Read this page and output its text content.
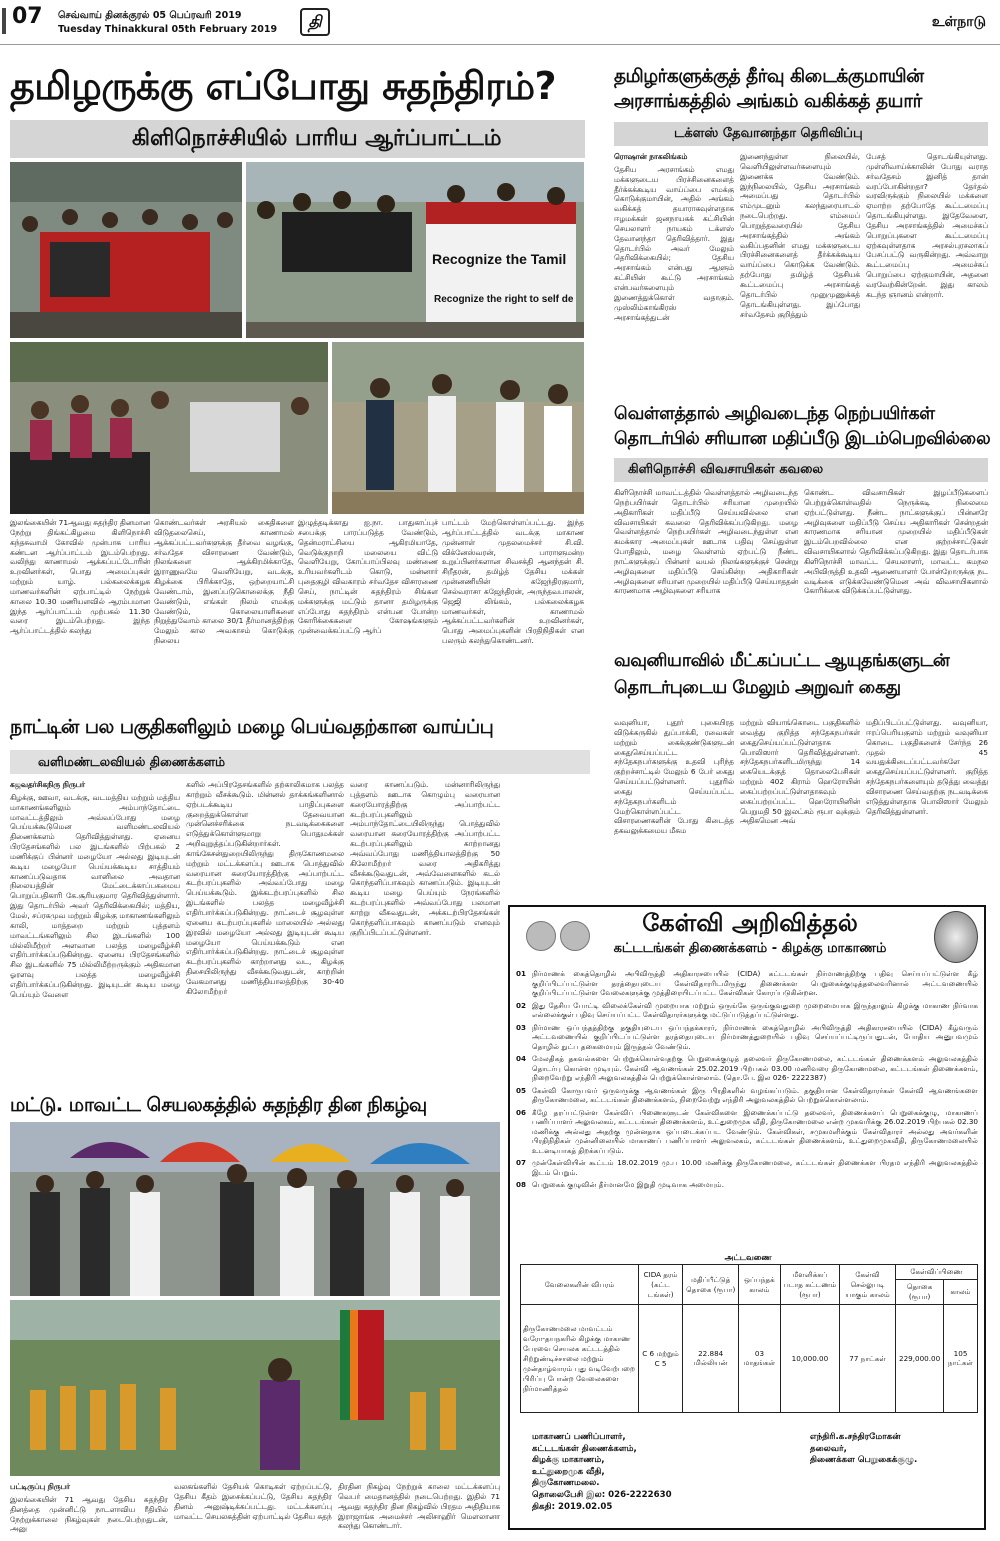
07 செவ்வாய் தினக்குரல் 05 பெப்ரவரி 2019
Tuesday Thinakkural 05th February 2019	தி	உள்நாடு
தமிழருக்கு எப்போது சுதந்திரம்?
கிளிநொச்சியில் பாரிய ஆர்ப்பாட்டம்
Recognize the Tamil
Recognize the right to self de
இலங்கையின் 71ஆவது சுதந்திர தினமான நேற்று திங்கட்கிழமை கிளிநொச்சி கந்தசுவாமி கோவில் முன்பாக பாரிய கண்டன ஆர்ப்பாட்டம் இடம்பெற்றது. வலிந்து காணாமல் ஆக்கப்பட்டோரின் உறவினர்கள், பொது அமைப்புகள் மற்றும் யாழ். பல்கலைக்கழக மாணவர்களின் ஏற்பாட்டில் நேற்றுக் காலை 10.30 மணியளவில் ஆரம்பமான இந்த ஆர்ப்பாட்டம் முற்பகல் 11.30 வரை இடம்பெற்றது. இந்த ஆர்ப்பாட்டத்தில் கலந்து
கொண்டவர்கள் அரசியல் கைதிகளை விடுதலைசெய், காணாமல் ஆக்கப்பட்டவர்களுக்கு தீர்வை வழங்கு, சர்வதேச விசாரணை வேண்டும், நிலங்களை ஆக்கிரமிக்காதே, இராணுவமே வெளியேறு, வடக்கு, கிழக்கை பிரிக்காதே, ஒற்றையாட்சி வேண்டாம், இனப்படுகொலைக்கு நீதி வேண்டும், எங்கள் நிலம் எமக்கு வேண்டும், கொலையாளிகளை நிறுத்துவோம் காலை 30/1 தீர்மானத்திற்கு மேலும் கால அவகாசம் கொடுக்கு நிலைய
இழுத்தடிக்காது ஐ.நா. பாதுகாப்புச் சபைக்கு பாரப்படுத்த வேண்டும், தென்மராட்சியை ஆகிரமியாதே, வெடுக்குநாறி மலையை விட்டு வெளியேறு, கோப்பாப்பிலவு மண்ணை உரியவர்களிடம் கொடு, மன்னார் புதைகுழி விவகாரம் சர்வதேச விசாரணை செய், நாட்டின் சுதந்திரம் சிங்கள மக்களுக்கு மட்டும் தானா தமிழருக்கு எப்போது சுதந்திரம் என்பன போன்ற கோரிக்கைகளை கோஷங்களும் முன்வைக்கப்பட்டு ஆர்ப்
பாட்டம் மேற்கொள்ளப்பட்டது. இந்த ஆர்ப்பாட்டத்தில் வடக்கு மாகாண முன்னாள் முதலமைச்சர் சி.வி. விக்னேஸ்வரன், பாராளுமன்ற உறுப்பினர்களான சிவசக்தி ஆனந்தன் சி. சிறீதரன், தமிழ்த் தேசிய மக்கள் முன்னணியின் கஜேந்திரகுமார், செல்வராசா கஜேந்திரன், அருந்தவபாலன், ஜெஜி லிங்கம், பல்கலைக்கழக மாணவர்கள், காணாமல் ஆக்கப்பட்டவர்களின் உறவினர்கள், பொது அமைப்புகளின் பிரதிநிதிகள் என பலரும் கலந்துகொண்டனர்.
தமிழர்களுக்குத் தீர்வு கிடைக்குமாயின்
அரசாங்கத்தில் அங்கம் வகிக்கத் தயார்
டக்ளஸ் தேவானந்தா தெரிவிப்பு
ரொஷான் நாகலிங்கம்
தேசிய அரசாங்கம் எமது மக்களுடைய பிரச்சினைகளைத் தீர்க்கக்கூடிய வாய்ப்பை எமக்கு கொடுக்குமாயின், அதில் அங்கம் வகிக்கத் தயாராகவுள்ளதாக ஈழமக்கள் ஜனநாயகக் கட்சியின் செயலாளர் நாயகம் டக்ளஸ் தேவானந்தா தெரிவித்தார். இது தொடர்பில் அவர் மேலும் தெரிவிக்கையில்; தேசிய அரசாங்கம் என்பது ஆளும் கட்சியின் கூட்டு அரசாங்கம் என்பவர்களையும் இணைத்துக்கொள் வதாகும். முஸ்லிம்காங்கிரஸ் அரசாங்கத்துடன்
இணைந்துள்ள நிலையில், வெளியிலுள்ளவர்களையும் இணைக்க வேண்டும். இந்நிலையில், தேசிய அரசாங்கம் அமைப்பது தொடர்பில் எம்முடனும் கலந்துரையாடல் நடைபெற்றது. எம்மைப் பொறுத்தவரையில் தேசிய அரசாங்கத்தில் அங்கம் வகிப்பதனின் எமது மக்களுடைய பிரச்சினைகளைத் தீர்க்கக்கூடிய வாய்ப்பை கொடுக்க வேண்டும். தற்போது தமிழ்த் தேசியக் கூட்டமைப்பு அரசாங்கத் தொடர்பில் முனுமுணுக்கத் தொடங்கியுள்ளது. இப்போது சர்வதேசம் குறித்தும்
பேசத் தொடங்கியுள்ளது. முள்ளிவாய்க்காலின் போது வராத சர்வதேசம் இனித் தான் வரப்போகின்றதா? தேர்தல் வரவிருக்கும் நிலையில் மக்களை ஏமாற்ற தற்போதே கூட்டமைப்பு தொடங்கியுள்ளது. இதேவேளை, தேசிய அரசாங்கத்தில் அமைச்சுப் பொறுப்புகளை கூட்டமைப்பு ஏற்கவுள்ளதாக அரசல்புரசலாகப் பேசப்பட்டு வருகின்றது. அவ்வாறு கூட்டமைப்பு அமைச்சுப் பொறுப்பை ஏற்குமாயின், அதனை வரவேற்கின்றேன். இது காலம் கடந்த ஞானம் என்றார்.
வெள்ளத்தால் அழிவடைந்த நெற்பயிர்கள்
தொடர்பில் சரியான மதிப்பீடு இடம்பெறவில்லை
கிளிநொச்சி விவசாயிகள் கவலை
கிளிநொச்சி மாவட்டத்தில் வெள்ளத்தால் அழிவடைந்த நெற்பயிர்கள் தொடர்பில் சரியான முறையில் அதிகாரிகள் மதிப்பீடு செய்யவில்லை என விவசாயிகள் கவலை தெரிவிக்கப்படுகிறது. மழை வெள்ளத்தால் நெற்பயிர்கள் அழிவடைந்துள்ள என கமக்கார அமைப்புகள் ஊடாக பதிவு செய்துள்ள போதிலும், மழை வெள்ளம் ஏற்பட்டு நீண்ட நாட்களுக்குப் பின்னர் வயல் நிலங்களுக்குச் சென்று அழிவுகளை மதிப்பீடு செய்கின்ற அதிகாரிகள் அழிவுகளை சரியான முறையில் மதிப்பீடு செய்யாததன் காரணமாக அழிவுகளை சரியாக
கொண்ட விவசாயிகள் இழப்பீடுகளைப் பெற்றுக்கொள்வதில் நெருக்கடி நிலைமை ஏற்பட்டுள்ளது. நீண்ட நாட்களுக்குப் பின்னரே அழிவுகளை மதிப்பீடு செய்ய அதிகாரிகள் சென்றதன் காரணமாக சரியான முறையில் மதிப்பீடுகள் இடம்பெறவில்லை என குற்றச்சாட்டுகள் விவசாயிகளால் தெரிவிக்கப்படுகிறது. இது தொடர்பாக கிளிநொச்சி மாவட்ட செயலாளர், மாவட்ட கமநல அபிவிருத்தி உதவி ஆணையாளர் போன்றோருக்கு நட வடிக்கை எடுக்கவேண்டுமென அவ் விவசாயிகளால் கோரிக்கை விடுக்கப்பட்டுள்ளது.
வவுனியாவில் மீட்கப்பட்ட ஆயுதங்களுடன்
தொடர்புடைய மேலும் அறுவர் கைது
வவுனியா, புதூர் புகையிரத விடுக்கருகில் துப்பாக்கி, ரவைகள் மற்றும் கைக்குண்டுகளுடன் கைதுசெய்யப்பட்ட சந்தேகநபர்களுக்கு உதவி புரிந்த குற்றச்சாட்டில் மேலும் 6 பேர் கைது செய்யப்பட்டுள்ளனர். புதூரில் கைது செய்யப்பட்ட சந்தேகநபர்களிடம் மேற்கொள்ளப்பட்ட விசாரணைகளின் போது கிடைத்த தகவலுக்கமைய மீசும
மற்றும் வியாங்கொடை பகுதிகளில் வைத்து குறித்த சந்தேகநபர்கள் கைதுசெய்யப்பட்டுள்ளதாக பொலிஸார் தெரிவித்துள்ளனர். சந்தேகநபர்களிடமிருந்து 14 கையெடக்குத் தொலைபேசிகள் மற்றும் 402 கிராம் ஹெரோயின் கைப்பற்றப்பட்டுள்ளதாகவும் கைப்பற்றப்பட்ட ஹெரோயினின் பெறுமதி 50 இலட்சம் ரூபா வுக்கும் அதிகமென அவ்
மதிப்பிடப்பட்டுள்ளது. வவுனியா, ஈரப்பெரியகுளம் மற்றும் வவுனியா கொடை பகுதிகளைச் சேர்ந்த 26 முதல் 45 வயதுக்கிடைப்பட்டவர்களே கைதுசெய்யப்பட்டுள்ளனர். குறித்த சந்தேகநபர்களையும் தடுத்து வைத்து விசாரணை செய்வதற்கு நடவடிக்கை எடுத்துள்ளதாக பொலிஸார் மேலும் தெரிவித்துள்ளனர்.
நாட்டின் பல பகுதிகளிலும் மழை பெய்வதற்கான வாய்ப்பு
வளிமண்டலவியல் திணைக்களம்
கஜவதர்சிகநிரு நிருபர்
கிழக்கு, ஊவா, வடக்கு, வடமத்திய மற்றும் மத்திய மாகாணங்களிலும் அம்பாந்தோட்டை மாவட்டத்திலும் அவ்வப்போது மழை பெய்யக்கூடுமென வளிமண்டலவியல் திணைக்களம் தெரிவித்துள்ளது. ஏனைய பிரதேசங்களில் பல இடங்களில் பிற்பகல் 2 மணிக்குப் பின்னர் மழையோ அல்லது இடியுடன் கூடிய மழையோ பெய்யக்கூடிய சாத்தியம் காணப்படுவதாக வானிலை அவதான நிலையத்தின் மேட்டைக்காப்பகமைய பொறுப்பதிகாரி கே.சூரியகுமார தெரிவித்துள்ளார். இது தொடர்பில் அவர் தெரிவிக்கையில்; மத்திய, மேல், சப்ரகமுவ மற்றும் கிழக்கு மாகாணங்களிலும் காலி, மாத்தறை மற்றும் புத்தளம் மாவட்டங்களிலும் சில இடங்களில் 100 மில்லிமீற்றர் அளவான பலத்த மழைவீழ்ச்சி எதிர்பார்க்கப்படுகின்றது. ஏனைய பிரதேசங்களில் சில இடங்களில் 75 மில்லிமீற்றருக்கும் அதிகமான ஓரளவு பலத்த மழைவீழ்ச்சி எதிர்பார்க்கப்படுகின்றது. இடியுடன் கூடிய மழை பெய்யும் வேளை
களில் அப்பிரதேசங்களில் தற்காலிகமாக பலத்த காற்றும் வீசக்கூடும். மின்னல் தாக்கங்களினால் ஏற்படக்கூடிய பாதிப்புகளை குறைத்துக்கொள்ள தேவையான முன்னெச்சரிக்கை நடவடிக்கைகளை எடுத்துக்கொள்ளுமாறு பொதுமக்கள் அறிவுறுத்தப்படுகின்றார்கள். காங்கேசன்துறையிலிருந்து திருகோணமலை மற்றும் மட்டக்களப்பு ஊடாக பொத்துவில் வரையான கரையோரத்திற்கு அப்பாற்பட்ட கடற்பரப்புகளில் அவ்வப்போது மழை பெய்யக்கூடும். இக்கடற்பரப்புகளில் சில இடங்களில் பலத்த மழைவீழ்ச்சி எதிர்பார்க்கப்படுகின்றது. நாட்டைச் சூழவுள்ள ஏனைய கடற்பரப்புகளில் மாலையில் அல்லது இரவில் மழையோ அல்லது இடியுடன் கூடிய மழையோ பெய்யக்கூடும் என எதிர்பார்க்கப்படுகின்றது. நாட்டைச் சூழவுள்ள கடற்பரப்புகளில் காற்றானது வட, கிழக்கு திசையிலிருந்து வீசக்கூடுவதுடன், காற்றின் வேகமானது மணித்தியாலத்திற்கு 30-40 கிலோமீற்றர்
வரை காணப்படும். மன்னாரிலிருந்து புத்தளம் ஊடாக கொழும்பு வரையான கரையோரத்திற்கு அப்பாற்பட்ட கடற்பரப்புகளிலும் அம்பாந்தோட்டையிலிருந்து பொத்துவில் வரையான கரையோரத்திற்கு அப்பாற்பட்ட கடற்பரப்புகளிலும் காற்றானது அவ்வப்போது மணித்தியாலத்திற்கு 50 கிலோமீற்றர் வரை அதிகரித்து வீசக்கூடுவதுடன், அவ்வேளைகளில் கடல் கொந்தளிப்பாகவும் காணப்படும். இடியுடன் கூடிய மழை பெய்யும் நேரங்களில் கடற்பரப்புகளில் அவ்வப்போது பலமான காற்று வீசுவதுடன், அக்கடற்பிரதேசங்கள் கொந்தளிப்பாகவும் காணப்படும் எனவும் குறிப்பிடப்பட்டுள்ளனர்.
மட்டு. மாவட்ட செயலகத்தில் சுதந்திர தின நிகழ்வு
பட்டிருப்பு நிருபர்
இலங்கையின் 71 ஆவது தேசிய சுதந்திர தினத்தை முன்னிட்டு நாடளாவிய ரீதியில் நேற்றுக்காலை நிகழ்வுகள் நடைபெற்றதுடன், அனு
வலகங்களில் தேசியக் கொடிகள் ஏற்றப்பட்டு, தேசிய கீதம் இசைக்கப்பட்டு, தேசிய சுதந்திர தினம் அனுஷ்டிக்கப்பட்டது. மட்டக்களப்பு மாவட்ட செயலகத்தின் ஏற்பாட்டில் தேசிய சுதந்
திரதின நிகழ்வு நேற்றுக் காலை மட்டக்களப்பு வெபர் மைதானத்தில் நடைபெற்றது. இதில் 71 ஆவது சுதந்திர தின நிகழ்வில் பிரதம அதிதியாக இராஜாங்க அமைச்சர் அலிசாஹிர் மௌலானா கலந்து கொண்டார்.
கேள்வி அறிவித்தல்
கட்டடங்கள் திணைக்களம் - கிழக்கு மாகாணம்
01 நிர்மாணக் கைத்தொழில் அபிவிருத்தி அதிகாரசபையில் (CIDA) கட்டடங்கள் நிர்மாணத்திற்கு பதிவு செய்யப்பட்டுள்ள கீழ் குறிப்பிடப்பட்டுள்ள தரத்தையுடைய கேள்விதாரரிடமிருந்து திணைக்கள பெறுகைக்குழுத்தலைவரினால் அட்டவணையில் குறிப்பிடப்பட்டுள்ள வேலைகளுக்கு முத்திரையிடப்பட்ட கேள்விகள் கோரப்படுகின்றன.
02 இது தேசிய போட்டி விலைக்கேள்வி முறையாக மற்றும் ஒருங்கே ஒருங்குவதுறை முறைமையாக இருந்தாலும் கிழக்கு மாகாண நிர்வாக எல்லைக்குள் பதிவு செய்யப்பட்ட கேள்விதாரர்களுக்கு மட்டுப்படுத்தப்பட்டுள்ளது.
03 நிர்மாண ஒப்பந்தத்திற்கு தகுதியுடைய ஒப்பந்தக்காரர், நிர்மாணக் கைத்தொழில் அபிவிருத்தி அதிகாரசபையில் (CIDA) கீழ்வரும் அட்டவணையில் குறிப்பிடப்பட்டுள்ள தரத்தையுடைய நிர்மாணத்துறையில் பதிவு செய்யப்பட்டிருப்பதுடன், போதிய அனுபவமும் தொழில் நுட்ப தகைமையும் இருத்தல் வேண்டும்.
04 மேலதிகத் தகவல்களை பெற்றுக்கொள்வதற்கு பெறுகைக்குழுத் தலைவர் திருகோணமலை, கட்டடங்கள் திணைக்களம் அலுவலகத்தில் தொடர்பு கொள்ள முடியும். கேள்வி ஆவணங்கள் 25.02.2019 பிற்பகல் 03.00 மணிவரை திருகோணமலை, கட்டடங்கள் திணைக்களம், நிறைவேற்று எந்திரி அலுவலகத்தில் பெற்றுக்கொள்ளலாம். (தொ.பே. இல 026- 2222387)
05 கேள்வி கோருபவர் ஒருவருக்கு ஆவணங்கள் இரு பிரதிகளில் வழங்கப்படும். தகுதியான கேள்விதாரர்கள் கேள்வி ஆவணங்களை திருகோணமலை, கட்டடங்கள் திணைக்களம், நிறைவேற்று எந்திரி அலுவலகத்தில் பெற்றுக்கொள்ளலாம்.
06 கீழே தரப்பட்டுள்ள கேள்விப் பிணைகளுடன் கேள்விகளை இணைக்கப்பட்டு தலைவர், திணைக்களப் பெறுகைக்குழு, மாகாணப் பணிப்பாளர் அலுவலகம், கட்டடங்கள் திணைக்களம், உட்துறைமுக வீதி, திருகோணமலை என்ற முகவரிக்கு 26.02.2019 பிற்பகல் 02.30 மணிக்கு அல்லது அதற்கு முன்னதாக ஒப்படைக்கப்பட வேண்டும். கேள்விகள், சமுகமளிக்கும் கேள்விதாரர் அல்லது அவர்களின் பிரதிநிதிகள் முன்னிலையில் மாகாணப் பணிப்பாளர் அலுவலகம், கட்டடங்கள் திணைக்களம், உட்துறைமுகவீதி, திருகோணமலையில் உடனடியாகத் திறக்கப்படும்.
07 முன்கேள்வியின் கூட்டம் 18.02.2019 மு.ப 10.00 மணிக்கு திருகோணமலை, கட்டடங்கள் திணைக்கள பிரதம எந்திரி அலுவலகத்தில் இடம் பெறும்.
08 பெறுகைக் குழுவின் தீர்மானமே இறுதி முடிவாக அமையும்.
அட்டவணை
வேலைகளின் விபரம்	CIDA தரம் (கட்ட டங்கள்)	மதிப்பீட்டுத் தொகை (ரூபா)	ஒப்பந்தக் காலம்	மீளளிக்கப் படாத கட்டணம் (ரூபா)	கேள்வி செல்லுபடி யாகும் காலம்	கேள்விப்பிணை	
						தொகை (ரூபா)	காலம்
திருகோணமலை மாவட்டம் வரோ-தயநகரில் கிழக்கு மாகாண பேரவை செயலக கட்டடத்தில் சிற்றுண்டிச்சாலை மற்றும் முன்தாழ்வாரம் புது வடிவேற்பறை பிரிப்பு போன்ற வேலைகளை நிர்மாணித்தல்	C 6 மற்றும் C 5	22.884 மில்லியன்	03 மாதங்கள்	10,000.00	77 நாட்கள்	229,000.00	105 நாட்கள்
மாகாணப் பணிப்பாளர்,
கட்டடங்கள் திணைக்களம்,
கிழக்கு மாகாணம்,
உட்துறைமுக வீதி,
திருகோணமலை.
தொலைபேசி இல: 026-2222630
திகதி: 2019.02.05
எந்திரி.க.சந்திரமோகன்
தலைவர்,
திணைக்கள பெறுகைக்குழு.
